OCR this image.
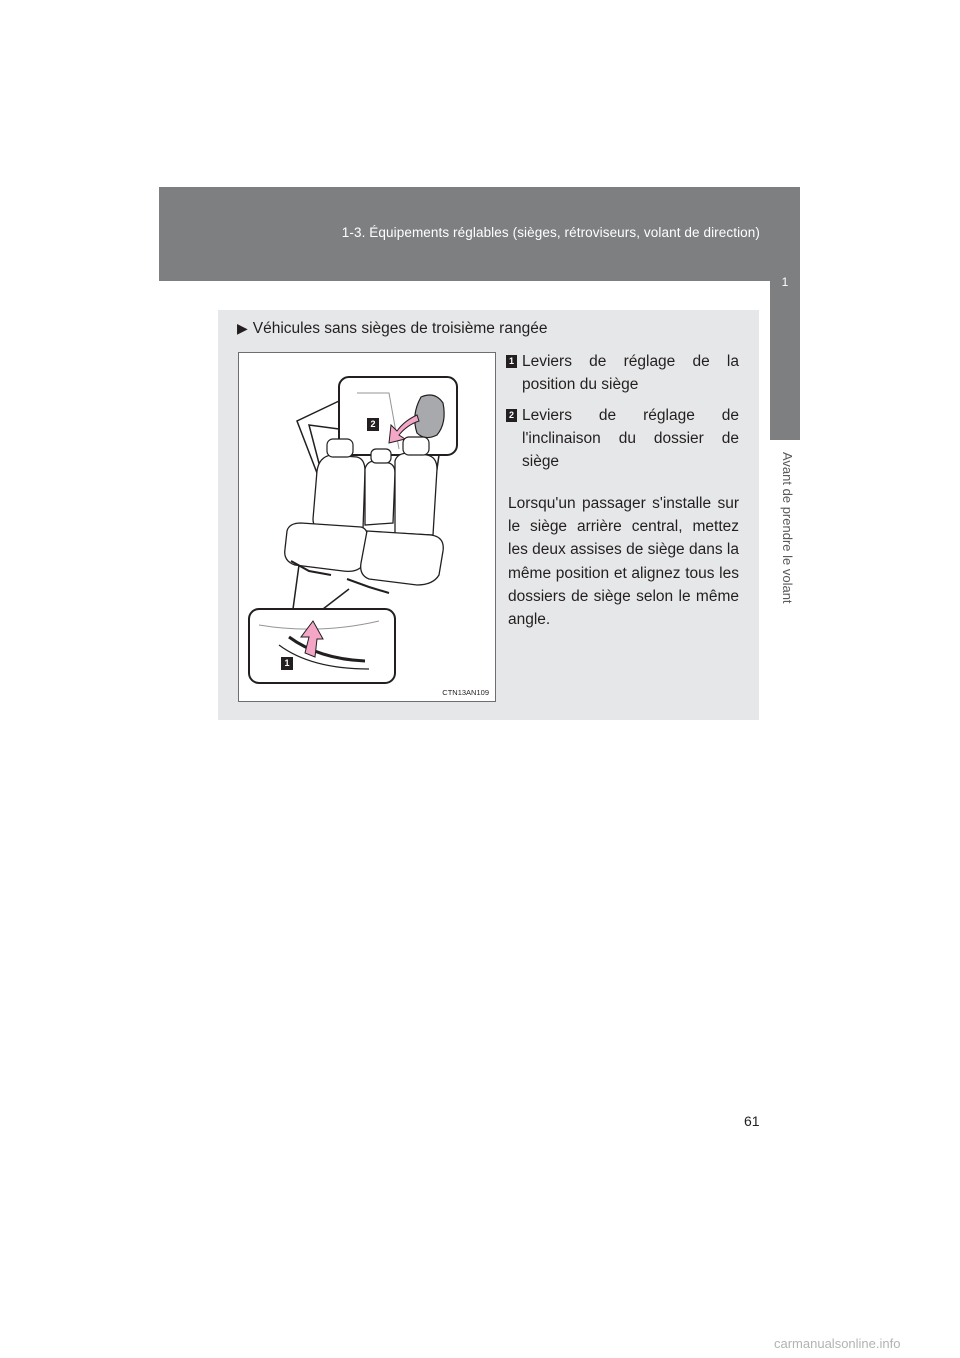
1-3. Équipements réglables (sièges, rétroviseurs, volant de direction)
1
Avant de prendre le volant
▶ Véhicules sans sièges de troisième rangée
2
1
CTN13AN109
1 Leviers de réglage de la position du siège
2 Leviers de réglage de l'inclinaison du dossier de siège
Lorsqu'un passager s'installe sur le siège arrière central, mettez les deux assises de siège dans la même position et alignez tous les dossiers de siège selon le même angle.
61
carmanualsonline.info
